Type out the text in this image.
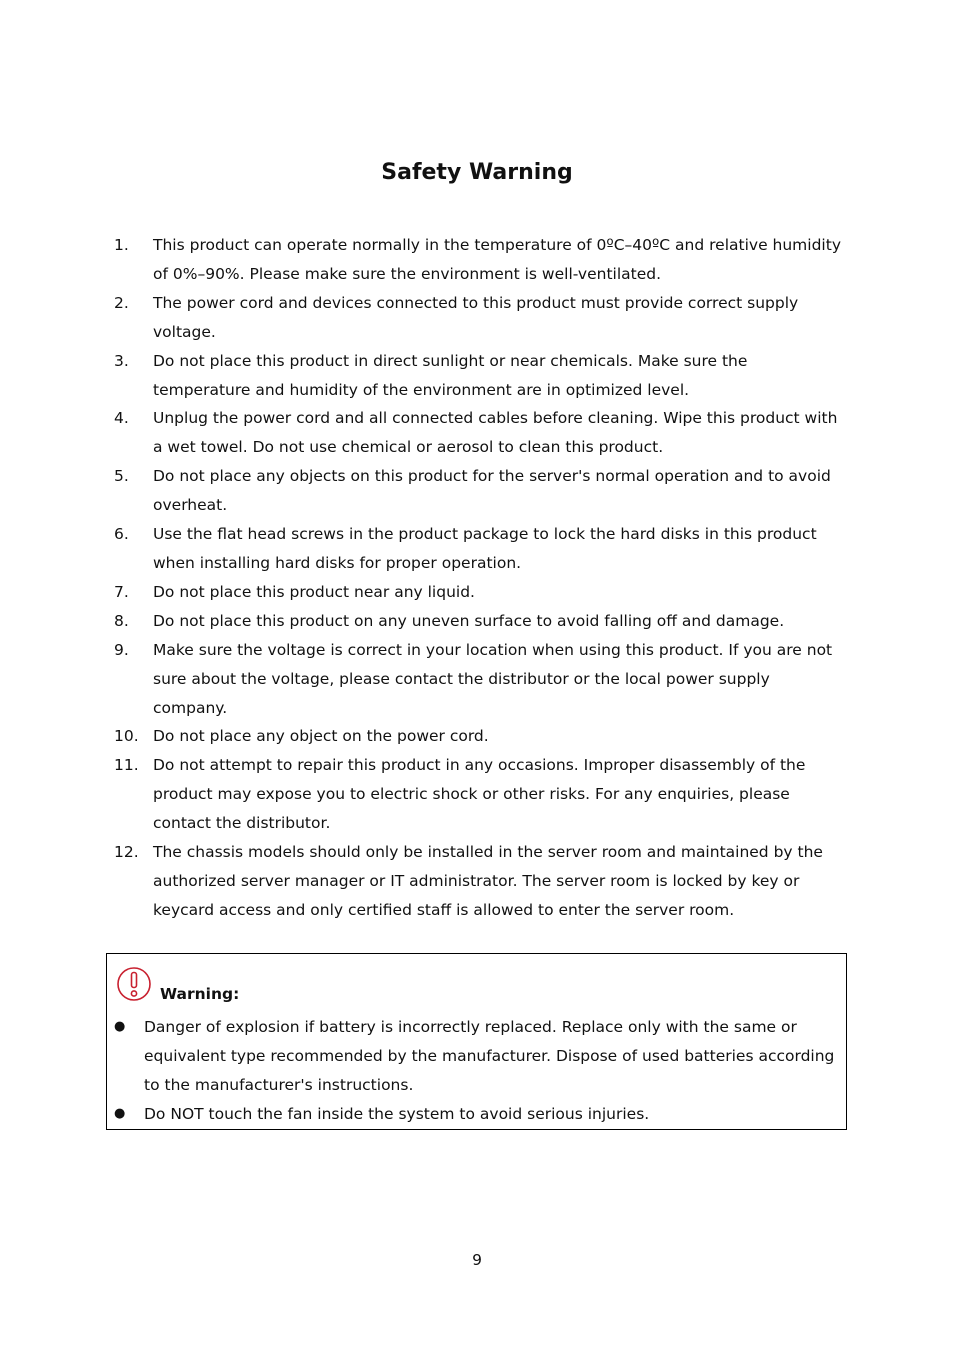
Safety Warning
1.	This product can operate normally in the temperature of 0ºC–40ºC and relative humidity of 0%–90%. Please make sure the environment is well-ventilated.
2.	The power cord and devices connected to this product must provide correct supply voltage.
3.	Do not place this product in direct sunlight or near chemicals. Make sure the temperature and humidity of the environment are in optimized level.
4.	Unplug the power cord and all connected cables before cleaning. Wipe this product with a wet towel. Do not use chemical or aerosol to clean this product.
5.	Do not place any objects on this product for the server's normal operation and to avoid overheat.
6.	Use the flat head screws in the product package to lock the hard disks in this product when installing hard disks for proper operation.
7.	Do not place this product near any liquid.
8.	Do not place this product on any uneven surface to avoid falling off and damage.
9.	Make sure the voltage is correct in your location when using this product. If you are not sure about the voltage, please contact the distributor or the local power supply company.
10. Do not place any object on the power cord.
11. Do not attempt to repair this product in any occasions. Improper disassembly of the product may expose you to electric shock or other risks. For any enquiries, please contact the distributor.
12. The chassis models should only be installed in the server room and maintained by the authorized server manager or IT administrator. The server room is locked by key or keycard access and only certified staff is allowed to enter the server room.
Warning:
●	Danger of explosion if battery is incorrectly replaced. Replace only with the same or equivalent type recommended by the manufacturer. Dispose of used batteries according to the manufacturer's instructions.
●	Do NOT touch the fan inside the system to avoid serious injuries.
9
